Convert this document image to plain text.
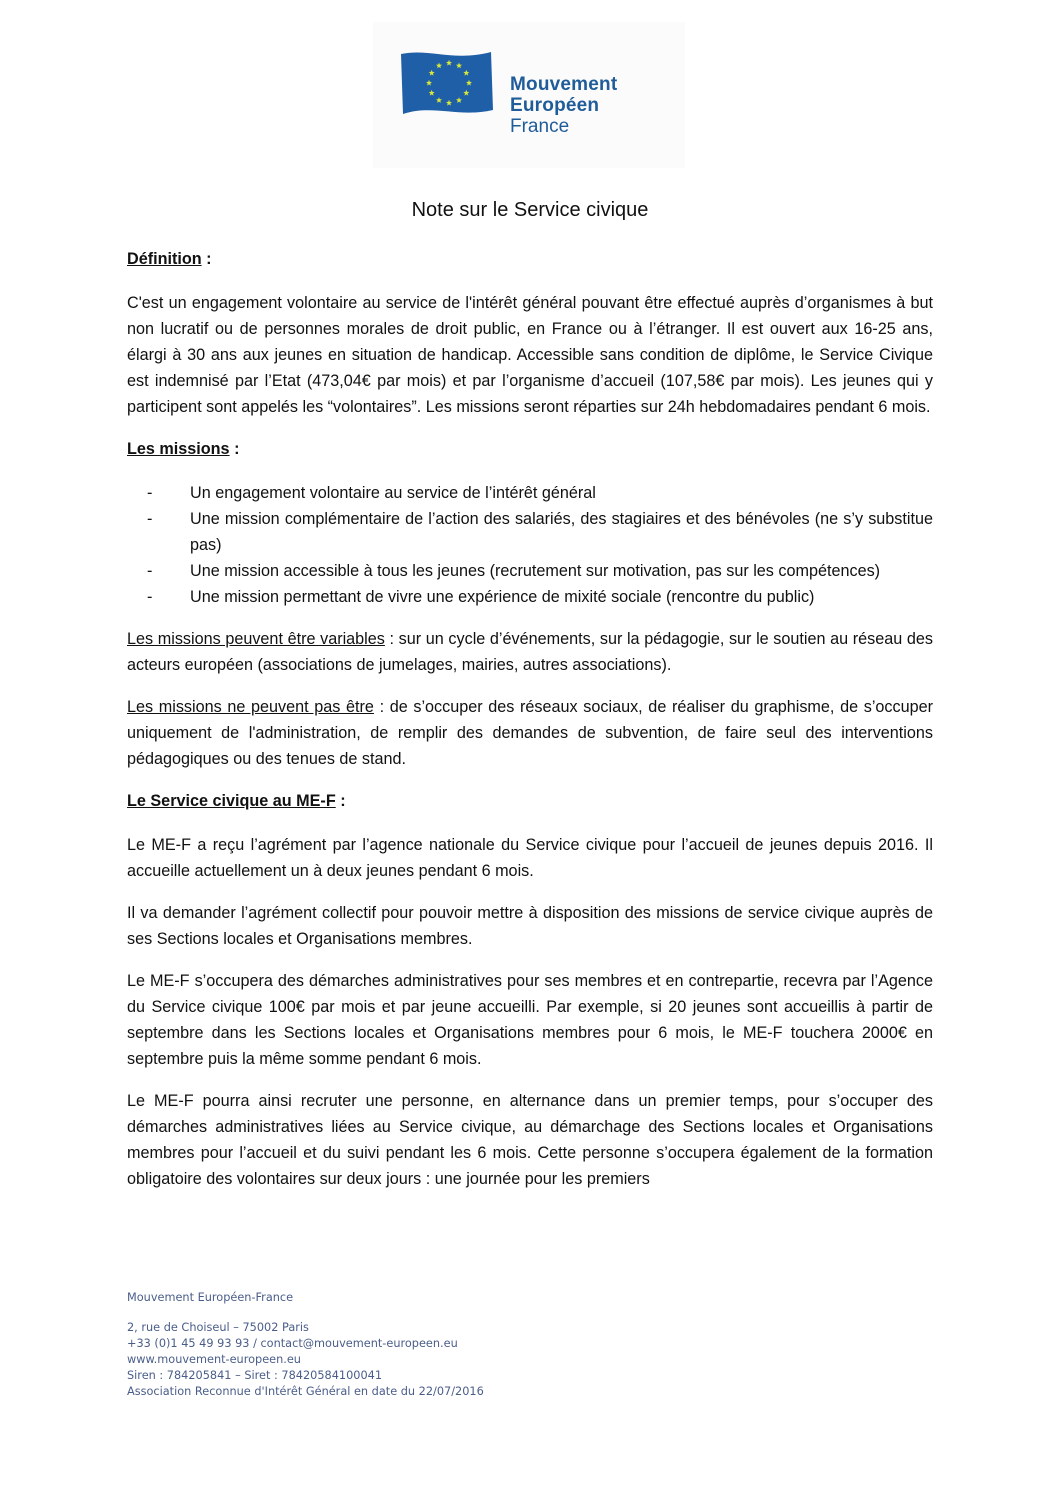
Mouvement
Européen
France
Note sur le Service civique

Définition :

C'est un engagement volontaire au service de l'intérêt général pouvant être effectué auprès d’organismes à but non lucratif ou de personnes morales de droit public, en France ou à l’étranger. Il est ouvert aux 16-25 ans, élargi à 30 ans aux jeunes en situation de handicap. Accessible sans condition de diplôme, le Service Civique est indemnisé par l’Etat (473,04€ par mois) et par l’organisme d’accueil (107,58€ par mois). Les jeunes qui y participent sont appelés les “volontaires”. Les missions seront réparties sur 24h hebdomadaires pendant 6 mois.

Les missions :

- Un engagement volontaire au service de l’intérêt général
- Une mission complémentaire de l’action des salariés, des stagiaires et des bénévoles (ne s’y substitue pas)
- Une mission accessible à tous les jeunes (recrutement sur motivation, pas sur les compétences)
- Une mission permettant de vivre une expérience de mixité sociale (rencontre du public)

Les missions peuvent être variables : sur un cycle d’événements, sur la pédagogie, sur le soutien au réseau des acteurs européen (associations de jumelages, mairies, autres associations).

Les missions ne peuvent pas être : de s’occuper des réseaux sociaux, de réaliser du graphisme, de s’occuper uniquement de l'administration, de remplir des demandes de subvention, de faire seul des interventions pédagogiques ou des tenues de stand.

Le Service civique au ME-F :

Le ME-F a reçu l’agrément par l’agence nationale du Service civique pour l’accueil de jeunes depuis 2016. Il accueille actuellement un à deux jeunes pendant 6 mois.

Il va demander l’agrément collectif pour pouvoir mettre à disposition des missions de service civique auprès de ses Sections locales et Organisations membres.

Le ME-F s’occupera des démarches administratives pour ses membres et en contrepartie, recevra par l’Agence du Service civique 100€ par mois et par jeune accueilli. Par exemple, si 20 jeunes sont accueillis à partir de septembre dans les Sections locales et Organisations membres pour 6 mois, le ME-F touchera 2000€ en septembre puis la même somme pendant 6 mois.

Le ME-F pourra ainsi recruter une personne, en alternance dans un premier temps, pour s’occuper des démarches administratives liées au Service civique, au démarchage des Sections locales et Organisations membres pour l’accueil et du suivi pendant les 6 mois. Cette personne s’occupera également de la formation obligatoire des volontaires sur deux jours : une journée pour les premiers

Mouvement Européen-France
2, rue de Choiseul – 75002 Paris
+33 (0)1 45 49 93 93 / contact@mouvement-europeen.eu
www.mouvement-europeen.eu
Siren : 784205841 – Siret : 78420584100041
Association Reconnue d'Intérêt Général en date du 22/07/2016
